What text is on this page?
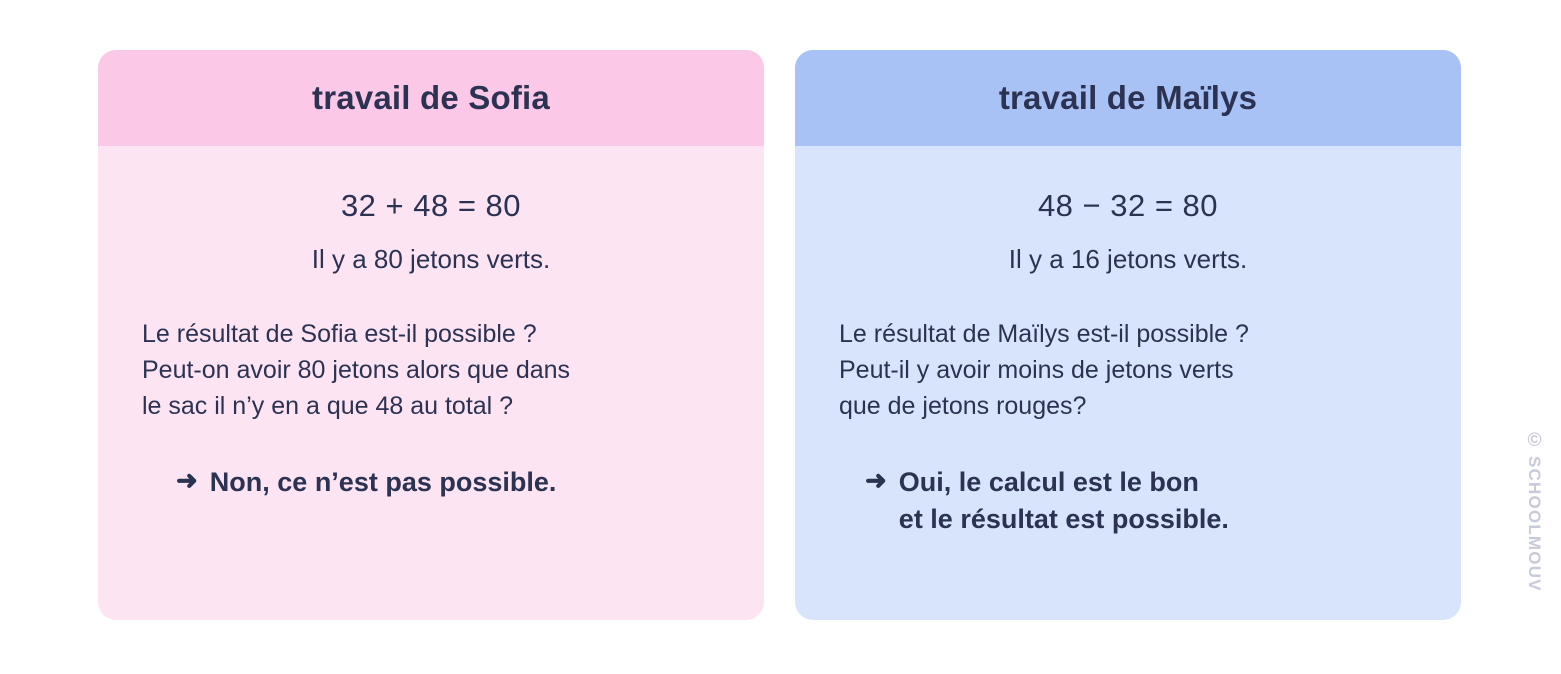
travail de Sofia
32 + 48 = 80
Il y a 80 jetons verts.
Le résultat de Sofia est-il possible ?
Peut-on avoir 80 jetons alors que dans
le sac il n’y en a que 48 au total ?
➜ Non, ce n’est pas possible.
travail de Maïlys
48 − 32 = 80
Il y a 16 jetons verts.
Le résultat de Maïlys est-il possible ?
Peut-il y avoir moins de jetons verts
que de jetons rouges?
➜ Oui, le calcul est le bon
et le résultat est possible.
©
SCHOOLMOUV
